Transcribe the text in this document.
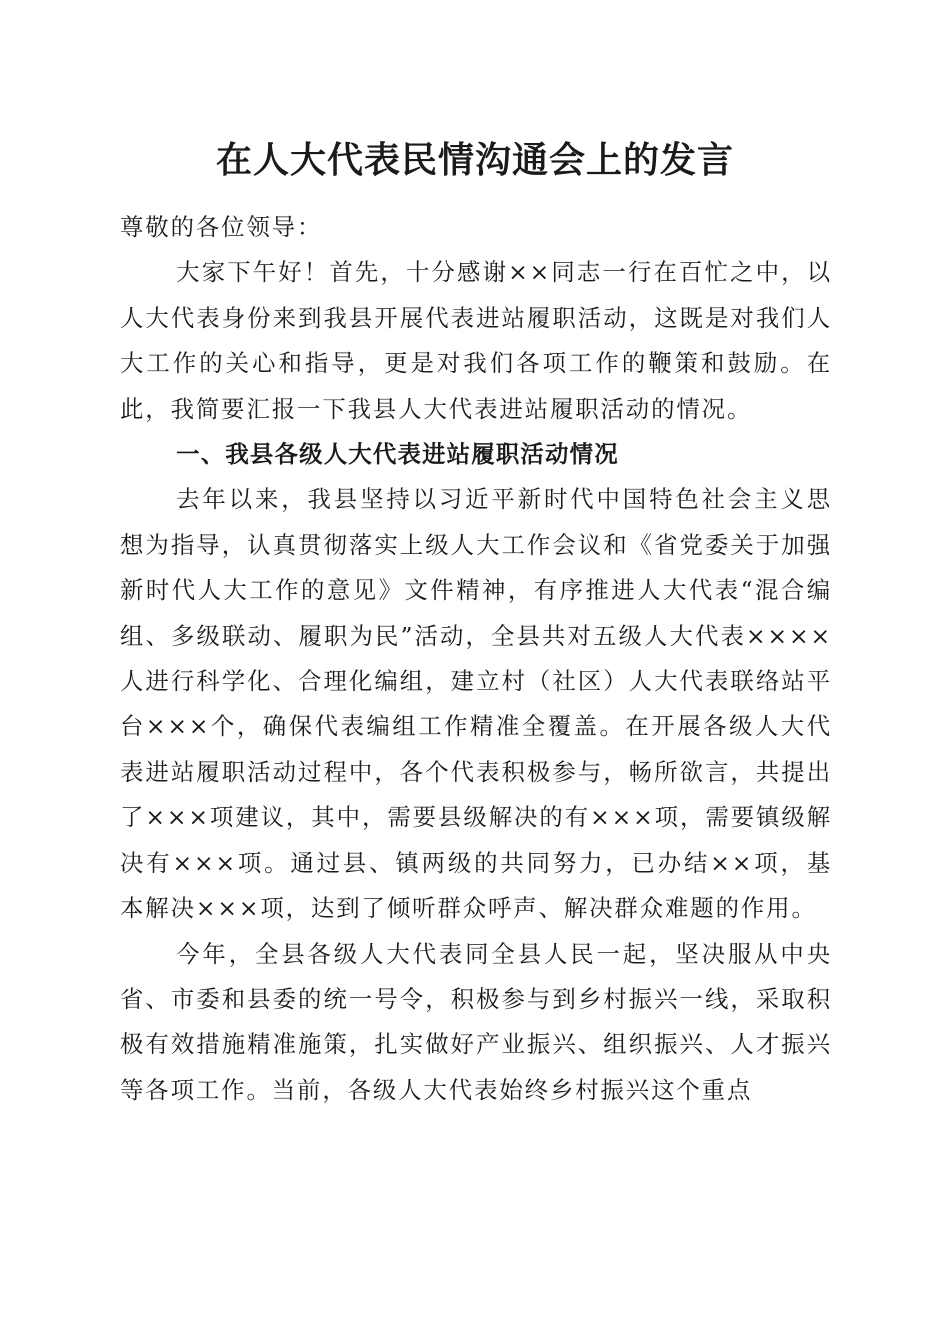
在人大代表民情沟通会上的发言

尊敬的各位领导：

大家下午好！首先，十分感谢××同志一行在百忙之中，以人大代表身份来到我县开展代表进站履职活动，这既是对我们人大工作的关心和指导，更是对我们各项工作的鞭策和鼓励。在此，我简要汇报一下我县人大代表进站履职活动的情况。

一、我县各级人大代表进站履职活动情况

去年以来，我县坚持以习近平新时代中国特色社会主义思想为指导，认真贯彻落实上级人大工作会议和《省党委关于加强新时代人大工作的意见》文件精神，有序推进人大代表“混合编组、多级联动、履职为民”活动，全县共对五级人大代表××××人进行科学化、合理化编组，建立村（社区）人大代表联络站平台×××个，确保代表编组工作精准全覆盖。在开展各级人大代表进站履职活动过程中，各个代表积极参与，畅所欲言，共提出了×××项建议，其中，需要县级解决的有×××项，需要镇级解决有×××项。通过县、镇两级的共同努力，已办结××项，基本解决×××项，达到了倾听群众呼声、解决群众难题的作用。

今年，全县各级人大代表同全县人民一起，坚决服从中央省、市委和县委的统一号令，积极参与到乡村振兴一线，采取积极有效措施精准施策，扎实做好产业振兴、组织振兴、人才振兴等各项工作。当前，各级人大代表始终乡村振兴这个重点
